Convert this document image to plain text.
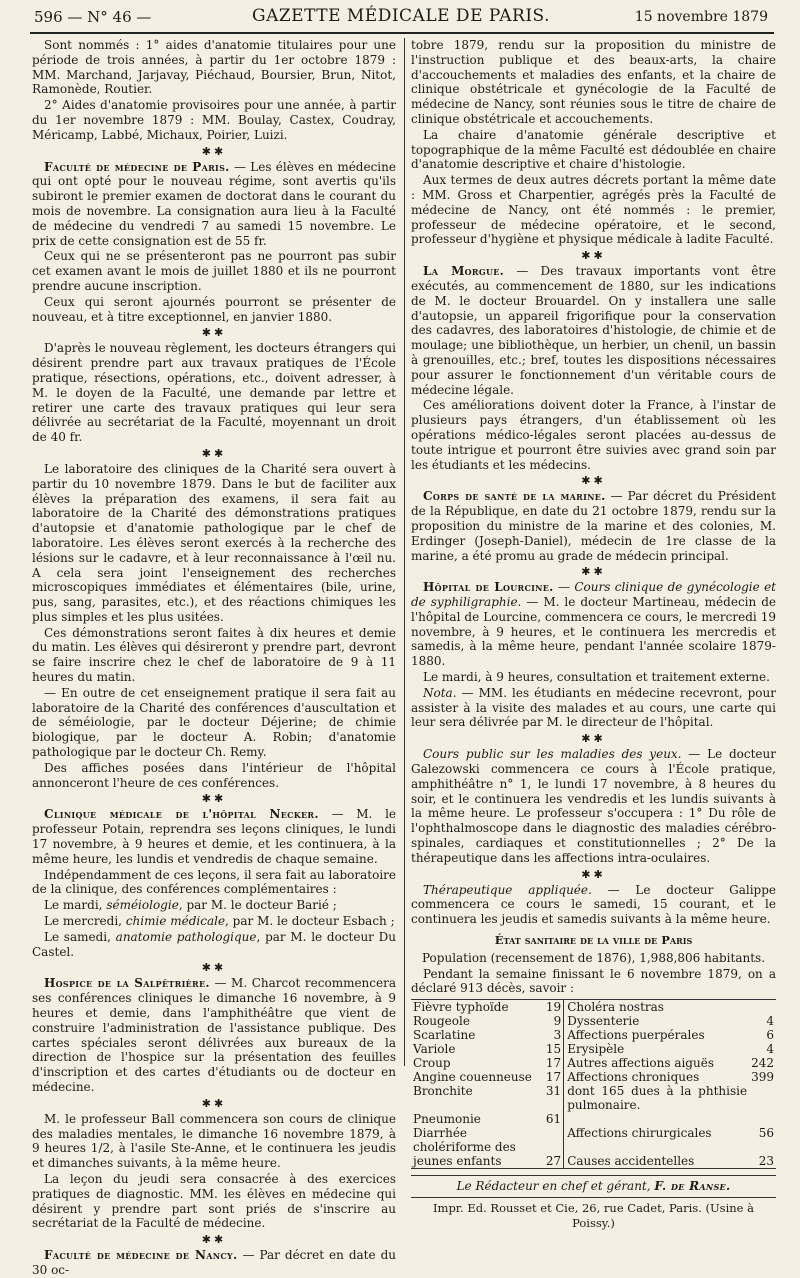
596 — N° 46 —	GAZETTE MÉDICALE DE PARIS.	15 novembre 1879

Sont nommés : 1° aides d'anatomie titulaires pour une période de trois années, à partir du 1er octobre 1879 : MM. Marchand, Jarjavay, Piéchaud, Boursier, Brun, Nitot, Ramonède, Routier.

2° Aides d'anatomie provisoires pour une année, à partir du 1er novembre 1879 : MM. Boulay, Castex, Coudray, Méricamp, Labbé, Michaux, Poirier, Luizi.

✱✱

Faculté de médecine de Paris. — Les élèves en médecine qui ont opté pour le nouveau régime, sont avertis qu'ils subiront le premier examen de doctorat dans le courant du mois de novembre. La consignation aura lieu à la Faculté de médecine du vendredi 7 au samedi 15 novembre. Le prix de cette consignation est de 55 fr.

Ceux qui ne se présenteront pas ne pourront pas subir cet examen avant le mois de juillet 1880 et ils ne pourront prendre aucune inscription.

Ceux qui seront ajournés pourront se présenter de nouveau, et à titre exceptionnel, en janvier 1880.

✱✱

D'après le nouveau règlement, les docteurs étrangers qui désirent prendre part aux travaux pratiques de l'École pratique, résections, opérations, etc., doivent adresser, à M. le doyen de la Faculté, une demande par lettre et retirer une carte des travaux pratiques qui leur sera délivrée au secrétariat de la Faculté, moyennant un droit de 40 fr.

✱✱

Le laboratoire des cliniques de la Charité sera ouvert à partir du 10 novembre 1879. Dans le but de faciliter aux élèves la préparation des examens, il sera fait au laboratoire de la Charité des démonstrations pratiques d'autopsie et d'anatomie pathologique par le chef de laboratoire. Les élèves seront exercés à la recherche des lésions sur le cadavre, et à leur reconnaissance à l'œil nu. A cela sera joint l'enseignement des recherches microscopiques immédiates et élémentaires (bile, urine, pus, sang, parasites, etc.), et des réactions chimiques les plus simples et les plus usitées.

Ces démonstrations seront faites à dix heures et demie du matin. Les élèves qui désireront y prendre part, devront se faire inscrire chez le chef de laboratoire de 9 à 11 heures du matin.

— En outre de cet enseignement pratique il sera fait au laboratoire de la Charité des conférences d'auscultation et de séméiologie, par le docteur Déjerine; de chimie biologique, par le docteur A. Robin; d'anatomie pathologique par le docteur Ch. Remy.

Des affiches posées dans l'intérieur de l'hôpital annonceront l'heure de ces conférences.

✱✱

Clinique médicale de l'hôpital Necker. — M. le professeur Potain, reprendra ses leçons cliniques, le lundi 17 novembre, à 9 heures et demie, et les continuera, à la même heure, les lundis et vendredis de chaque semaine.

Indépendamment de ces leçons, il sera fait au laboratoire de la clinique, des conférences complémentaires :

Le mardi, séméiologie, par M. le docteur Barié ;

Le mercredi, chimie médicale, par M. le docteur Esbach ;

Le samedi, anatomie pathologique, par M. le docteur Du Castel.

✱✱

Hospice de la Salpêtrière. — M. Charcot recommencera ses conférences cliniques le dimanche 16 novembre, à 9 heures et demie, dans l'amphithéâtre que vient de construire l'administration de l'assistance publique. Des cartes spéciales seront délivrées aux bureaux de la direction de l'hospice sur la présentation des feuilles d'inscription et des cartes d'étudiants ou de docteur en médecine.

✱✱

M. le professeur Ball commencera son cours de clinique des maladies mentales, le dimanche 16 novembre 1879, à 9 heures 1/2, à l'asile Ste-Anne, et le continuera les jeudis et dimanches suivants, à la même heure.

La leçon du jeudi sera consacrée à des exercices pratiques de diagnostic. MM. les élèves en médecine qui désirent y prendre part sont priés de s'inscrire au secrétariat de la Faculté de médecine.

✱✱

Faculté de médecine de Nancy. — Par décret en date du 30 oc-

tobre 1879, rendu sur la proposition du ministre de l'instruction publique et des beaux-arts, la chaire d'accouchements et maladies des enfants, et la chaire de clinique obstétricale et gynécologie de la Faculté de médecine de Nancy, sont réunies sous le titre de chaire de clinique obstétricale et accouchements.

La chaire d'anatomie générale descriptive et topographique de la même Faculté est dédoublée en chaire d'anatomie descriptive et chaire d'histologie.

Aux termes de deux autres décrets portant la même date : MM. Gross et Charpentier, agrégés près la Faculté de médecine de Nancy, ont été nommés : le premier, professeur de médecine opératoire, et le second, professeur d'hygiène et physique médicale à ladite Faculté.

✱✱

La Morgue. — Des travaux importants vont être exécutés, au commencement de 1880, sur les indications de M. le docteur Brouardel. On y installera une salle d'autopsie, un appareil frigorifique pour la conservation des cadavres, des laboratoires d'histologie, de chimie et de moulage; une bibliothèque, un herbier, un chenil, un bassin à grenouilles, etc.; bref, toutes les dispositions nécessaires pour assurer le fonctionnement d'un véritable cours de médecine légale.

Ces améliorations doivent doter la France, à l'instar de plusieurs pays étrangers, d'un établissement où les opérations médico-légales seront placées au-dessus de toute intrigue et pourront être suivies avec grand soin par les étudiants et les médecins.

✱✱

Corps de santé de la marine. — Par décret du Président de la République, en date du 21 octobre 1879, rendu sur la proposition du ministre de la marine et des colonies, M. Erdinger (Joseph-Daniel), médecin de 1re classe de la marine, a été promu au grade de médecin principal.

✱✱

Hôpital de Lourcine. — Cours clinique de gynécologie et de syphiligraphie. — M. le docteur Martineau, médecin de l'hôpital de Lourcine, commencera ce cours, le mercredi 19 novembre, à 9 heures, et le continuera les mercredis et samedis, à la même heure, pendant l'année scolaire 1879-1880.

Le mardi, à 9 heures, consultation et traitement externe.

Nota. — MM. les étudiants en médecine recevront, pour assister à la visite des malades et au cours, une carte qui leur sera délivrée par M. le directeur de l'hôpital.

✱✱

Cours public sur les maladies des yeux. — Le docteur Galezowski commencera ce cours à l'École pratique, amphithéâtre n° 1, le lundi 17 novembre, à 8 heures du soir, et le continuera les vendredis et les lundis suivants à la même heure. Le professeur s'occupera : 1° Du rôle de l'ophthalmoscope dans le diagnostic des maladies cérébro-spinales, cardiaques et constitutionnelles ; 2° De la thérapeutique dans les affections intra-oculaires.

✱✱

Thérapeutique appliquée. — Le docteur Galippe commencera ce cours le samedi, 15 courant, et le continuera les jeudis et samedis suivants à la même heure.

État sanitaire de la ville de Paris

Population (recensement de 1876), 1,988,806 habitants.

Pendant la semaine finissant le 6 novembre 1879, on a déclaré 913 décès, savoir :

Fièvre typhoïde	19		Choléra nostras	
Rougeole	9		Dyssenterie	4
Scarlatine	3		Affections puerpérales	6
Variole	15		Erysipèle	4
Croup	17		Autres affections aiguës	242
Angine couenneuse	17		Affections chroniques	399
Bronchite	31		dont 165 dues à la phthisie pulmonaire.	
Pneumonie	61			
Diarrhée cholériforme des			Affections chirurgicales	56
jeunes enfants	27		Causes accidentelles	23
Le Rédacteur en chef et gérant, F. de Ranse.
Impr. Ed. Rousset et Cie, 26, rue Cadet, Paris. (Usine à Poissy.)
